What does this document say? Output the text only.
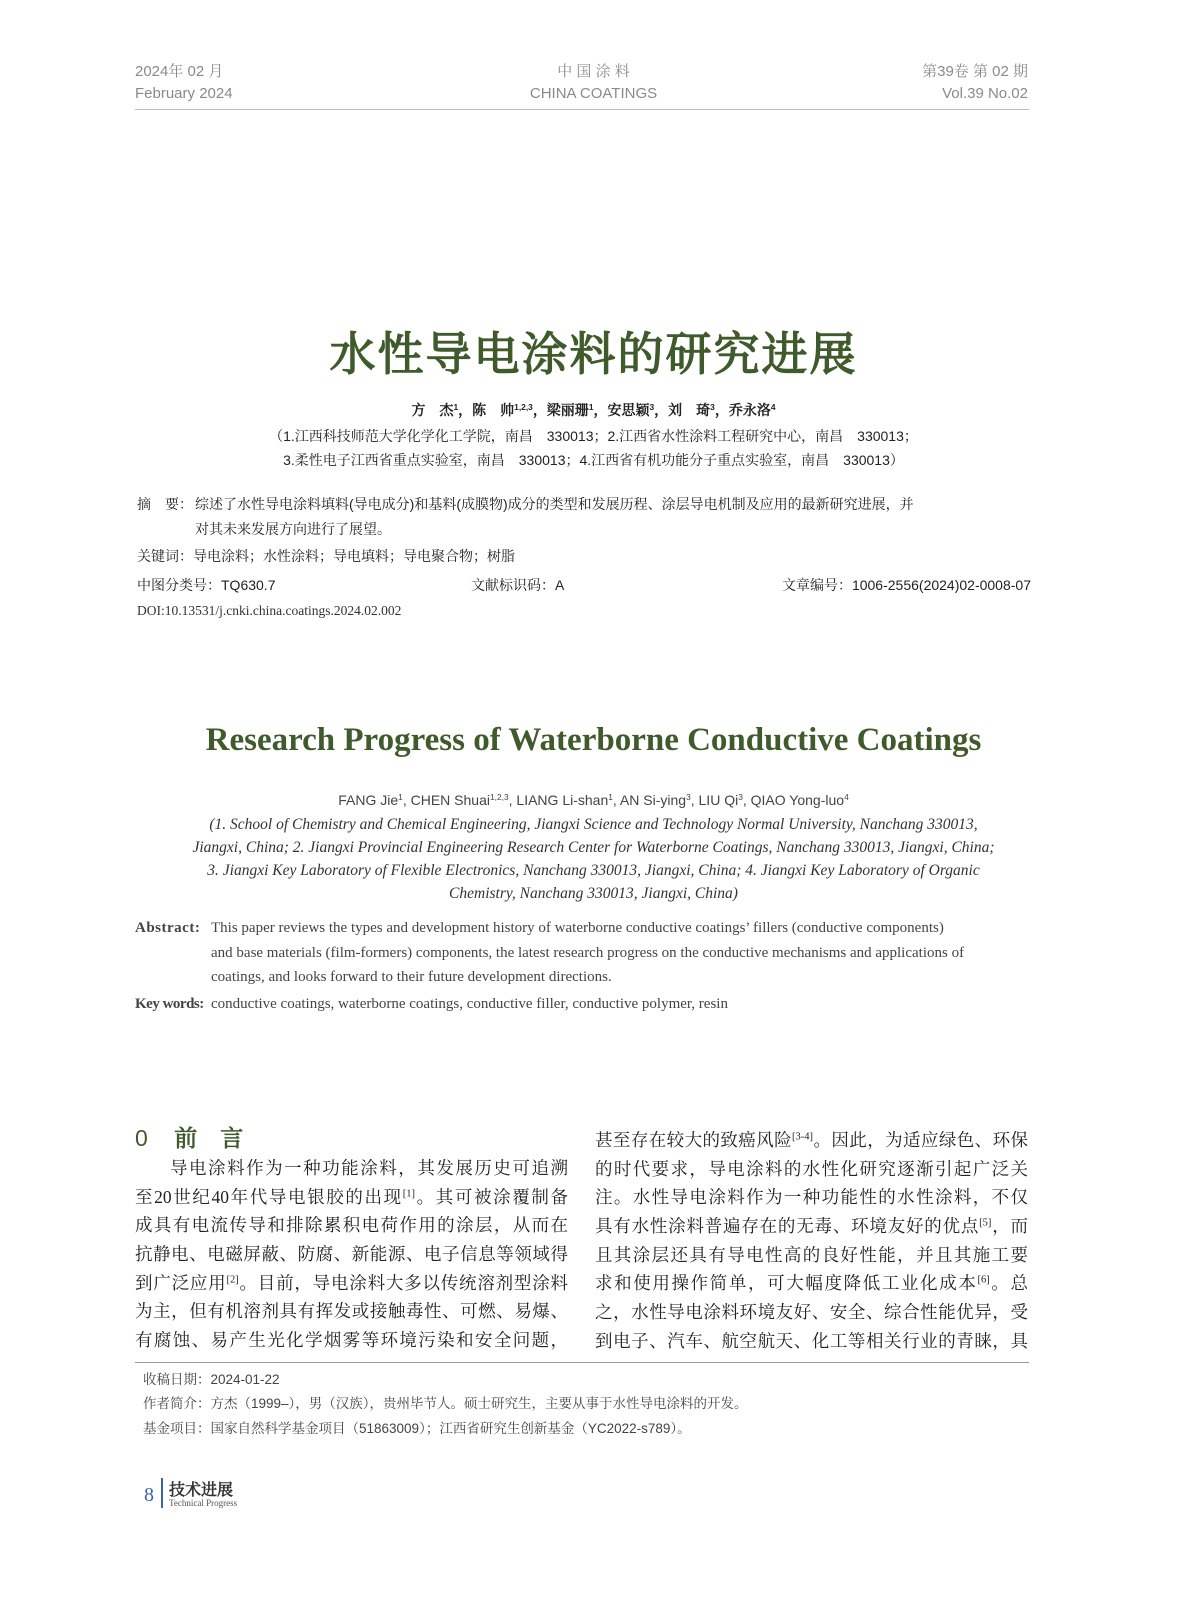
2024年 02 月
February 2024
中 国 涂 料
CHINA COATINGS
第39卷 第 02 期
Vol.39 No.02
水性导电涂料的研究进展
方　杰$^1$，陈　帅$^{1,2,3}$，梁丽珊$^1$，安思颖$^3$，刘　琦$^3$，乔永洛$^4$
（1.江西科技师范大学化学化工学院，南昌　330013；2.江西省水性涂料工程研究中心，南昌　330013；
3.柔性电子江西省重点实验室，南昌　330013；4.江西省有机功能分子重点实验室，南昌　330013）
摘　要： 综述了水性导电涂料填料(导电成分)和基料(成膜物)成分的类型和发展历程、涂层导电机制及应用的最新研究进展，并
对其未来发展方向进行了展望。
关键词：导电涂料；水性涂料；导电填料；导电聚合物；树脂
中图分类号：TQ630.7	文献标识码：A	文章编号：1006-2556(2024)02-0008-07
DOI:10.13531/j.cnki.china.coatings.2024.02.002
Research Progress of Waterborne Conductive Coatings
FANG Jie$^1$, CHEN Shuai$^{1,2,3}$, LIANG Li-shan$^1$, AN Si-ying$^3$, LIU Qi$^3$, QIAO Yong-luo$^4$
(1. School of Chemistry and Chemical Engineering, Jiangxi Science and Technology Normal University, Nanchang 330013,
Jiangxi, China; 2. Jiangxi Provincial Engineering Research Center for Waterborne Coatings, Nanchang 330013, Jiangxi, China;
3. Jiangxi Key Laboratory of Flexible Electronics, Nanchang 330013, Jiangxi, China; 4. Jiangxi Key Laboratory of Organic
Chemistry, Nanchang 330013, Jiangxi, China)
Abstract: This paper reviews the types and development history of waterborne conductive coatings’ fillers (conductive components)
and base materials (film-formers) components, the latest research progress on the conductive mechanisms and applications of
coatings, and looks forward to their future development directions.
Key words: conductive coatings, waterborne coatings, conductive filler, conductive polymer, resin
0 前　言
导电涂料作为一种功能涂料，其发展历史可追溯
至20世纪40年代导电银胶的出现[1]。其可被涂覆制备
成具有电流传导和排除累积电荷作用的涂层，从而在
抗静电、电磁屏蔽、防腐、新能源、电子信息等领域得
到广泛应用[2]。目前，导电涂料大多以传统溶剂型涂料
为主，但有机溶剂具有挥发或接触毒性、可燃、易爆、
有腐蚀、易产生光化学烟雾等环境污染和安全问题，
甚至存在较大的致癌风险[3-4]。因此，为适应绿色、环保
的时代要求，导电涂料的水性化研究逐渐引起广泛关
注。水性导电涂料作为一种功能性的水性涂料，不仅
具有水性涂料普遍存在的无毒、环境友好的优点[5]，而
且其涂层还具有导电性高的良好性能，并且其施工要
求和使用操作简单，可大幅度降低工业化成本[6]。总
之，水性导电涂料环境友好、安全、综合性能优异，受
到电子、汽车、航空航天、化工等相关行业的青睐，具
收稿日期：2024-01-22
作者简介：方杰（1999–），男（汉族），贵州毕节人。硕士研究生，主要从事于水性导电涂料的开发。
基金项目：国家自然科学基金项目（51863009）；江西省研究生创新基金（YC2022-s789）。
8 技术进展
Technical Progress
